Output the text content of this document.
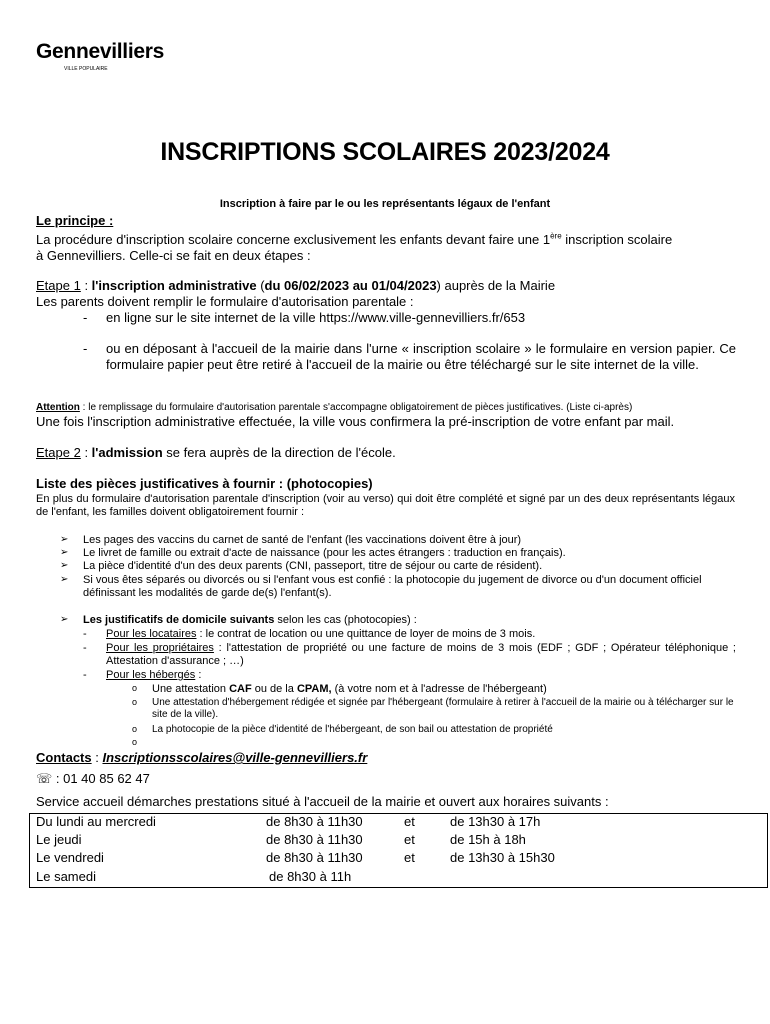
Gennevilliers
VILLE POPULAIRE
INSCRIPTIONS SCOLAIRES 2023/2024
Inscription à faire par le ou les représentants légaux de l'enfant
Le principe :
La procédure d'inscription scolaire concerne exclusivement les enfants devant faire une 1ère inscription scolaire
à Gennevilliers. Celle-ci se fait en deux étapes :
Etape 1 : l'inscription administrative (du 06/02/2023 au 01/04/2023) auprès de la Mairie
Les parents doivent remplir le formulaire d'autorisation parentale :
- en ligne sur le site internet de la ville https://www.ville-gennevilliers.fr/653
- ou en déposant à l'accueil de la mairie dans l'urne « inscription scolaire » le formulaire en version papier. Ce formulaire papier peut être retiré à l'accueil de la mairie ou être téléchargé sur le site internet de la ville.
Attention : le remplissage du formulaire d'autorisation parentale s'accompagne obligatoirement de pièces justificatives. (Liste ci-après)
Une fois l'inscription administrative effectuée, la ville vous confirmera la pré-inscription de votre enfant par mail.
Etape 2 : l'admission se fera auprès de la direction de l'école.
Liste des pièces justificatives à fournir : (photocopies)
En plus du formulaire d'autorisation parentale d'inscription (voir au verso) qui doit être complété et signé par un des deux représentants légaux de l'enfant, les familles doivent obligatoirement fournir :
➢ Les pages des vaccins du carnet de santé de l'enfant (les vaccinations doivent être à jour)
➢ Le livret de famille ou extrait d'acte de naissance (pour les actes étrangers : traduction en français).
➢ La pièce d'identité d'un des deux parents (CNI, passeport, titre de séjour ou carte de résident).
➢ Si vous êtes séparés ou divorcés ou si l'enfant vous est confié : la photocopie du jugement de divorce ou d'un document officiel définissant les modalités de garde de(s) l'enfant(s).
➢ Les justificatifs de domicile suivants selon les cas (photocopies) :
- Pour les locataires : le contrat de location ou une quittance de loyer de moins de 3 mois.
- Pour les propriétaires : l'attestation de propriété ou une facture de moins de 3 mois (EDF ; GDF ; Opérateur téléphonique ; Attestation d'assurance ; …)
- Pour les hébergés :
o Une attestation CAF ou de la CPAM, (à votre nom et à l'adresse de l'hébergeant)
o Une attestation d'hébergement rédigée et signée par l'hébergeant (formulaire à retirer à l'accueil de la mairie ou à télécharger sur le site de la ville).
o La photocopie de la pièce d'identité de l'hébergeant, de son bail ou attestation de propriété
o
Contacts : Inscriptionsscolaires@ville-gennevilliers.fr
☏ : 01 40 85 62 47
Service accueil démarches prestations situé à l'accueil de la mairie et ouvert aux horaires suivants :
Du lundi au mercredi	de 8h30 à 11h30	et	de 13h30 à 17h
Le jeudi	de 8h30 à 11h30	et	de 15h à 18h
Le vendredi	de 8h30 à 11h30	et	de 13h30 à 15h30
Le samedi	de 8h30 à 11h		
